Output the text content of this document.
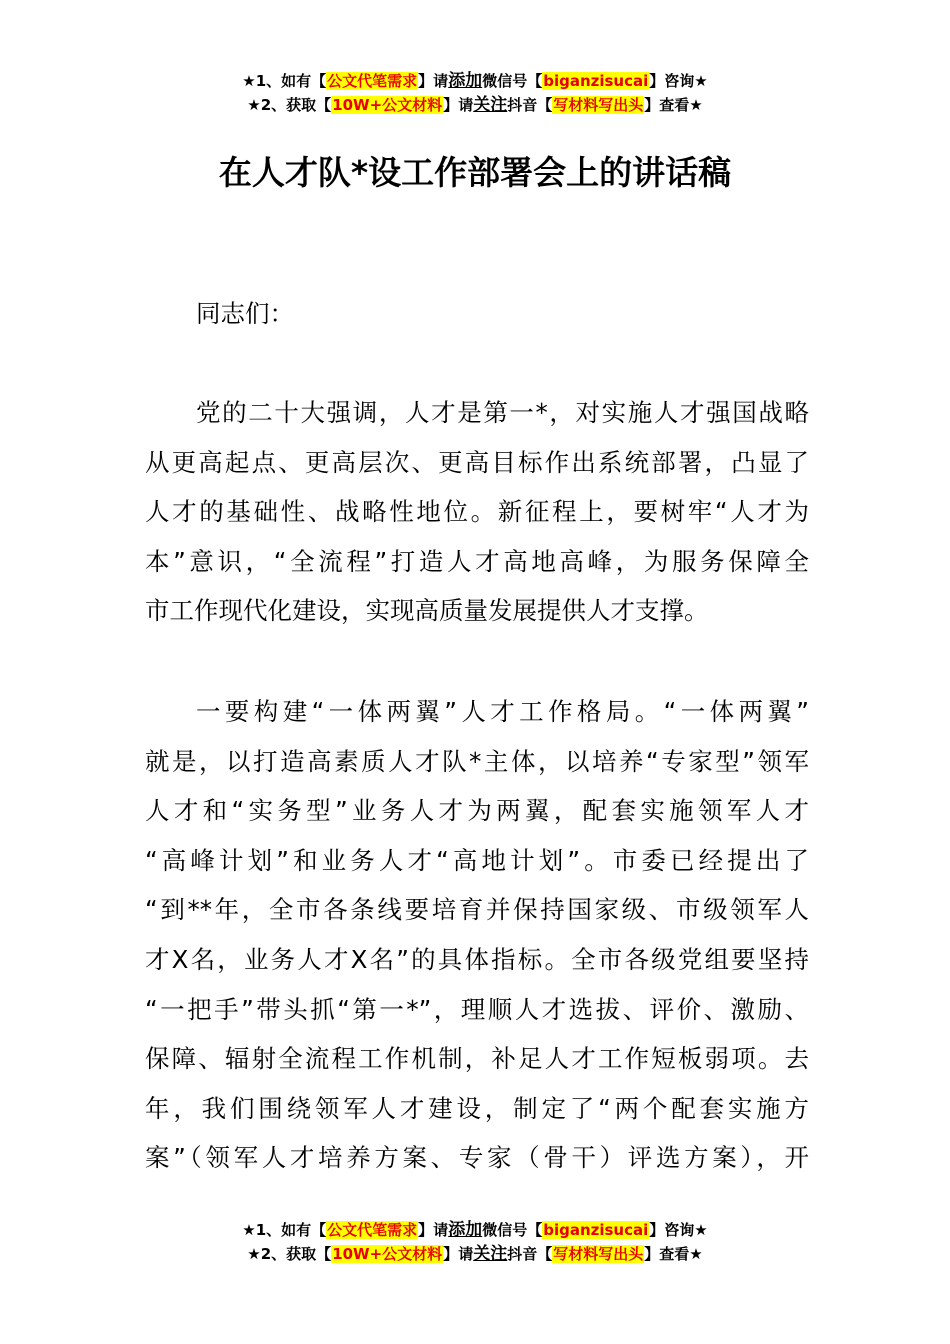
★1、如有【公文代笔需求】请添加微信号【biganzisucai】咨询★
★2、获取【10W+公文材料】请关注抖音【写材料写出头】查看★
在人才队*设工作部署会上的讲话稿
同志们：
党的二十大强调，人才是第一*，对实施人才强国战略
从更高起点、更高层次、更高目标作出系统部署，凸显了
人才的基础性、战略性地位。新征程上，要树牢“人才为
本”意识，“全流程”打造人才高地高峰，为服务保障全
市工作现代化建设，实现高质量发展提供人才支撑。
一要构建“一体两翼”人才工作格局。“一体两翼”
就是，以打造高素质人才队*主体，以培养“专家型”领军
人才和“实务型”业务人才为两翼，配套实施领军人才
“高峰计划”和业务人才“高地计划”。市委已经提出了
“到**年，全市各条线要培育并保持国家级、市级领军人
才X名，业务人才X名”的具体指标。全市各级党组要坚持
“一把手”带头抓“第一*”，理顺人才选拔、评价、激励、
保障、辐射全流程工作机制，补足人才工作短板弱项。去
年，我们围绕领军人才建设，制定了“两个配套实施方
案”（领军人才培养方案、专家（骨干）评选方案），开
★1、如有【公文代笔需求】请添加微信号【biganzisucai】咨询★
★2、获取【10W+公文材料】请关注抖音【写材料写出头】查看★
